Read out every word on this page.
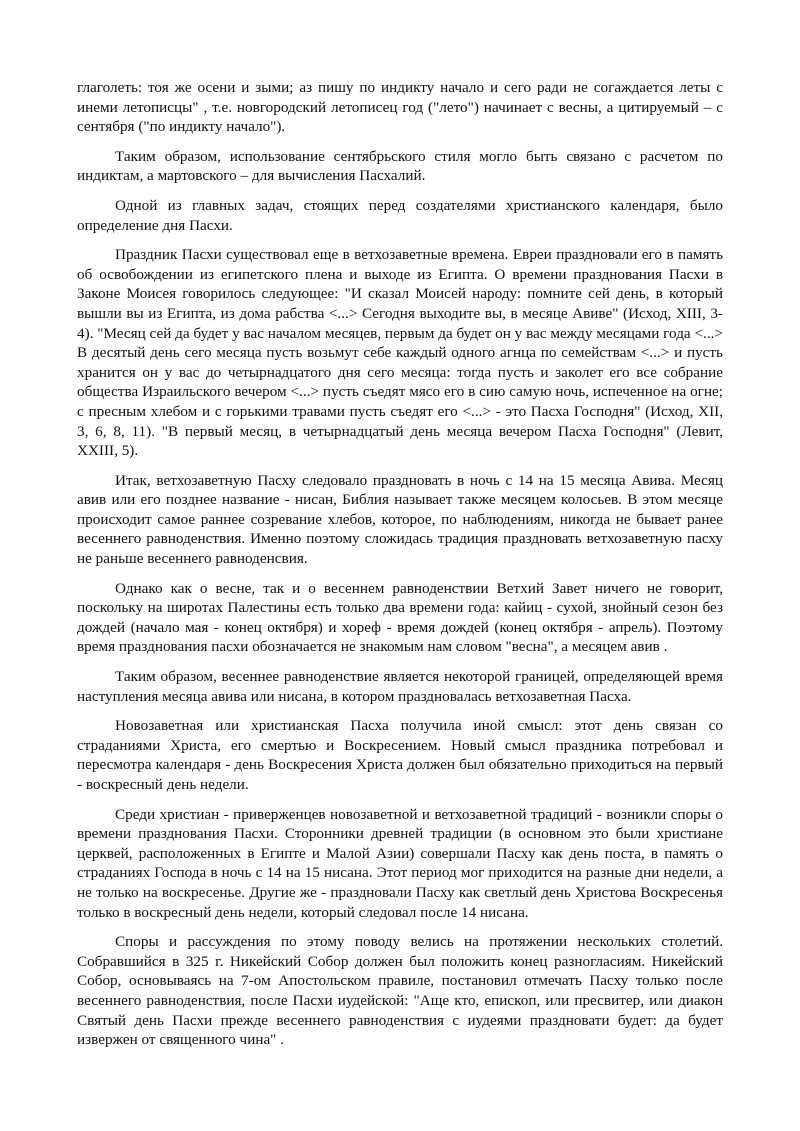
глаголеть: тоя же осени и зыми; аз пишу по индикту начало и сего ради не согаждается леты с инеми летописцы" , т.е. новгородский летописец год ("лето") начинает с весны, а цитируемый – с сентября ("по индикту начало").

Таким образом, использование сентябрьского стиля могло быть связано с расчетом по индиктам, а мартовского – для вычисления Пасхалий.

Одной из главных задач, стоящих перед создателями христианского календаря, было определение дня Пасхи.

Праздник Пасхи существовал еще в ветхозаветные времена. Евреи праздновали его в память об освобождении из египетского плена и выходе из Египта. О времени празднования Пасхи в Законе Моисея говорилось следующее: "И сказал Моисей народу: помните сей день, в который вышли вы из Египта, из дома рабства <...> Сегодня выходите вы, в месяце Авиве" (Исход, XIII, 3-4). "Месяц сей да будет у вас началом месяцев, первым да будет он у вас между месяцами года <...> В десятый день сего месяца пусть возьмут себе каждый одного агнца по семействам <...> и пусть хранится он у вас до четырнадцатого дня сего месяца: тогда пусть и заколет его все собрание общества Израильского вечером <...> пусть съедят мясо его в сию самую ночь, испеченное на огне; с пресным хлебом и с горькими травами пусть съедят его <...> - это Пасха Господня" (Исход, XII, 3, 6, 8, 11). "В первый месяц, в четырнадцатый день месяца вечером Пасха Господня" (Левит, XXIII, 5).

Итак, ветхозаветную Пасху следовало праздновать в ночь с 14 на 15 месяца Авива. Месяц авив или его позднее название - нисан, Библия называет также месяцем колосьев. В этом месяце происходит самое раннее созревание хлебов, которое, по наблюдениям, никогда не бывает ранее весеннего равноденствия. Именно поэтому сложидась традиция праздновать ветхозаветную пасху не раньше весеннего равноденсвия.

Однако как о весне, так и о весеннем равноденствии Ветхий Завет ничего не говорит, поскольку на широтах Палестины есть только два времени года: кайиц - сухой, знойный сезон без дождей (начало мая - конец октября) и хореф - время дождей (конец октября - апрель). Поэтому время празднования пасхи обозначается не знакомым нам словом "весна", а месяцем авив .

Таким образом, весеннее равноденствие является некоторой границей, определяющей время наступления месяца авива или нисана, в котором праздновалась ветхозаветная Пасха.

Новозаветная или христианская Пасха получила иной смысл: этот день связан со страданиями Христа, его смертью и Воскресением. Новый смысл праздника потребовал и пересмотра календаря - день Воскресения Христа должен был обязательно приходиться на первый - воскресный день недели.

Среди христиан - приверженцев новозаветной и ветхозаветной традиций - возникли споры о времени празднования Пасхи. Сторонники древней традиции (в основном это были христиане церквей, расположенных в Египте и Малой Азии) совершали Пасху как день поста, в память о страданиях Господа в ночь с 14 на 15 нисана. Этот период мог приходится на разные дни недели, а не только на воскресенье. Другие же - праздновали Пасху как светлый день Христова Воскресенья только в воскресный день недели, который следовал после 14 нисана.

Споры и рассуждения по этому поводу велись на протяжении нескольких столетий. Собравшийся в 325 г. Никейский Собор должен был положить конец разногласиям. Никейский Собор, основываясь на 7-ом Апостольском правиле, постановил отмечать Пасху только после весеннего равноденствия, после Пасхи иудейской: "Аще кто, епископ, или пресвитер, или диакон Святый день Пасхи прежде весеннего равноденствия с иудеями праздновати будет: да будет извержен от священного чина" .
